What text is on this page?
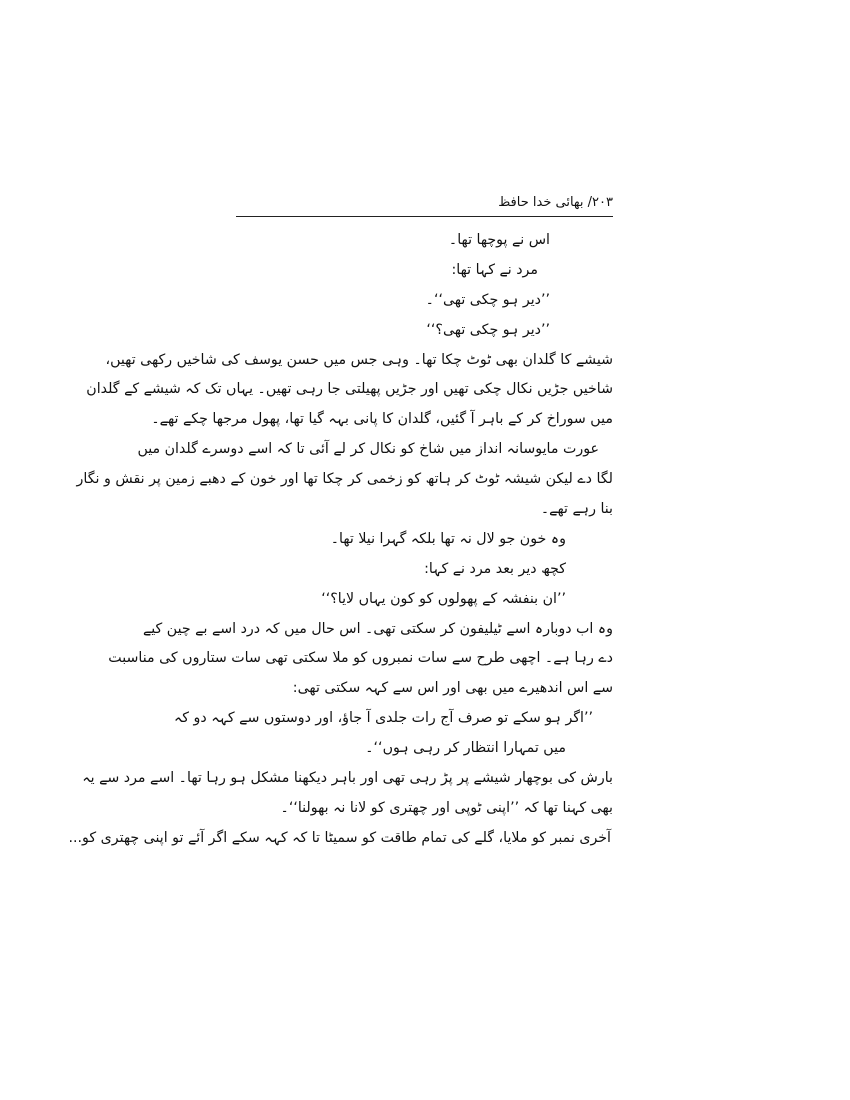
۲۰۳/ بھائی خدا حافظ
اس نے پوچھا تھا۔
مرد نے کہا تھا:
’’دیر ہو چکی تھی‘‘۔
’’دیر ہو چکی تھی؟‘‘
شیشے کا گلدان بھی ٹوٹ چکا تھا۔ وہی جس میں حسن یوسف کی شاخیں رکھی تھیں،
شاخیں جڑیں نکال چکی تھیں اور جڑیں پھیلتی جا رہی تھیں۔ یہاں تک کہ شیشے کے گلدان
میں سوراخ کر کے باہر آ گئیں، گلدان کا پانی بہہ گیا تھا، پھول مرجھا چکے تھے۔
عورت مایوسانہ انداز میں شاخ کو نکال کر لے آئی تا کہ اسے دوسرے گلدان میں
لگا دے لیکن شیشہ ٹوٹ کر ہاتھ کو زخمی کر چکا تھا اور خون کے دھبے زمین پر نقش و نگار
بنا رہے تھے۔
وہ خون جو لال نہ تھا بلکہ گہرا نیلا تھا۔
کچھ دیر بعد مرد نے کہا:
’’ان بنفشہ کے پھولوں کو کون یہاں لایا؟‘‘
وہ اب دوبارہ اسے ٹیلیفون کر سکتی تھی۔ اس حال میں کہ درد اسے بے چین کیے
دے رہا ہے۔ اچھی طرح سے سات نمبروں کو ملا سکتی تھی سات ستاروں کی مناسبت
سے اس اندھیرے میں بھی اور اس سے کہہ سکتی تھی:
’’اگر ہو سکے تو صرف آج رات جلدی آ جاؤ، اور دوستوں سے کہہ دو کہ
میں تمہارا انتظار کر رہی ہوں‘‘۔
بارش کی بوچھار شیشے پر پڑ رہی تھی اور باہر دیکھنا مشکل ہو رہا تھا۔ اسے مرد سے یہ
بھی کہنا تھا کہ ’’اپنی ٹوپی اور چھتری کو لانا نہ بھولنا‘‘۔
آخری نمبر کو ملایا، گلے کی تمام طاقت کو سمیٹا تا کہ کہہ سکے اگر آئے تو اپنی چھتری کو...
